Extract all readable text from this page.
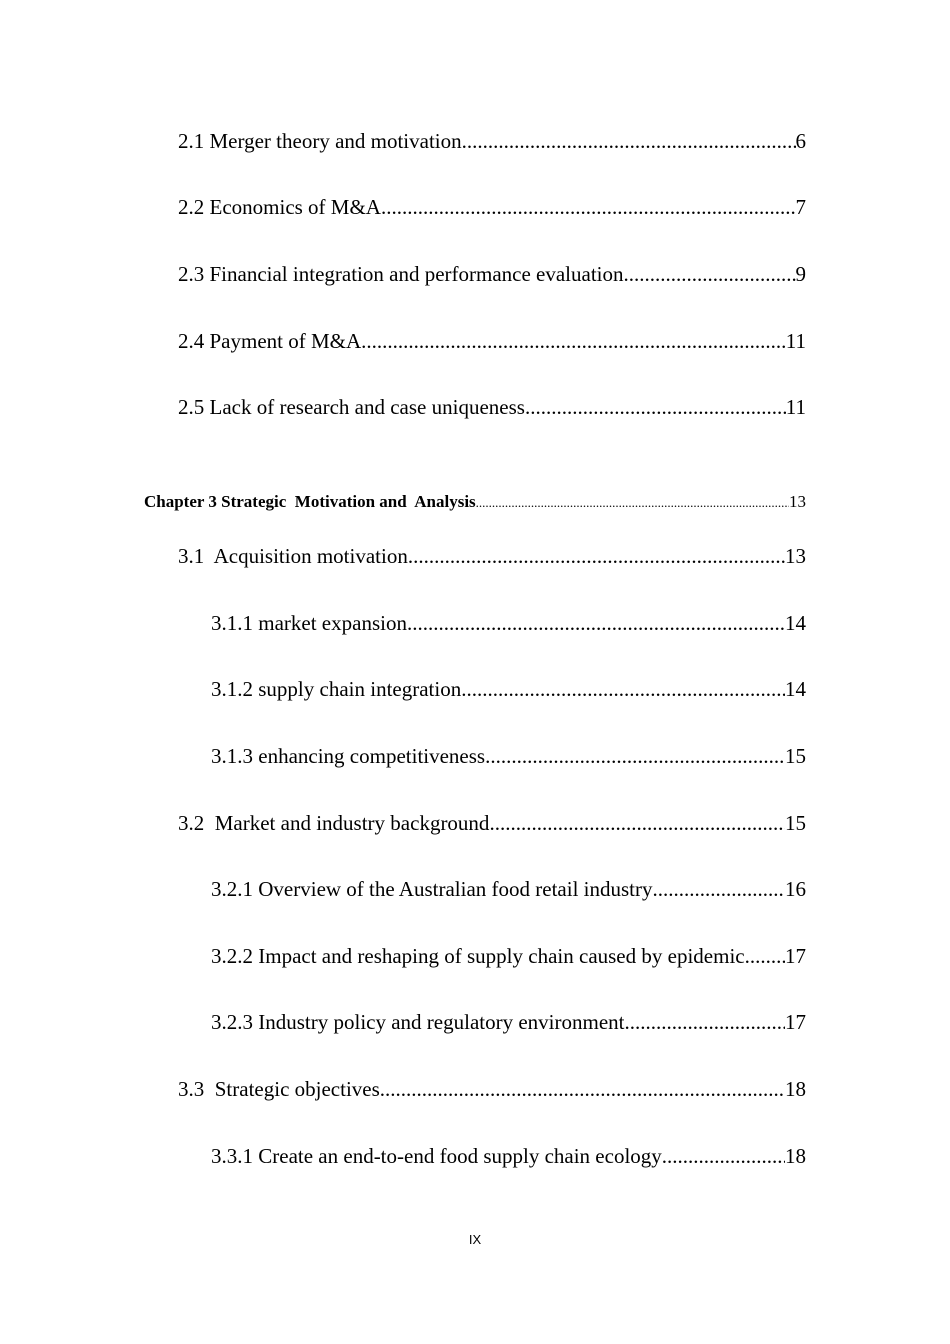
2.1 Merger theory and motivation .....	6
2.2 Economics of M&A .....	7
2.3 Financial integration and performance evaluation .....	9
2.4 Payment of M&A .....	11
2.5 Lack of research and case uniqueness .....	11
Chapter 3 Strategic  Motivation and  Analysis .....	13
3.1  Acquisition motivation .....	13
3.1.1 market expansion .....	14
3.1.2 supply chain integration .....	14
3.1.3 enhancing competitiveness .....	15
3.2  Market and industry background .....	15
3.2.1 Overview of the Australian food retail industry .....	16
3.2.2 Impact and reshaping of supply chain caused by epidemic ..... 17
3.2.3 Industry policy and regulatory environment .....	17
3.3  Strategic objectives .....	18
3.3.1 Create an end-to-end food supply chain ecology .....	18
IX
